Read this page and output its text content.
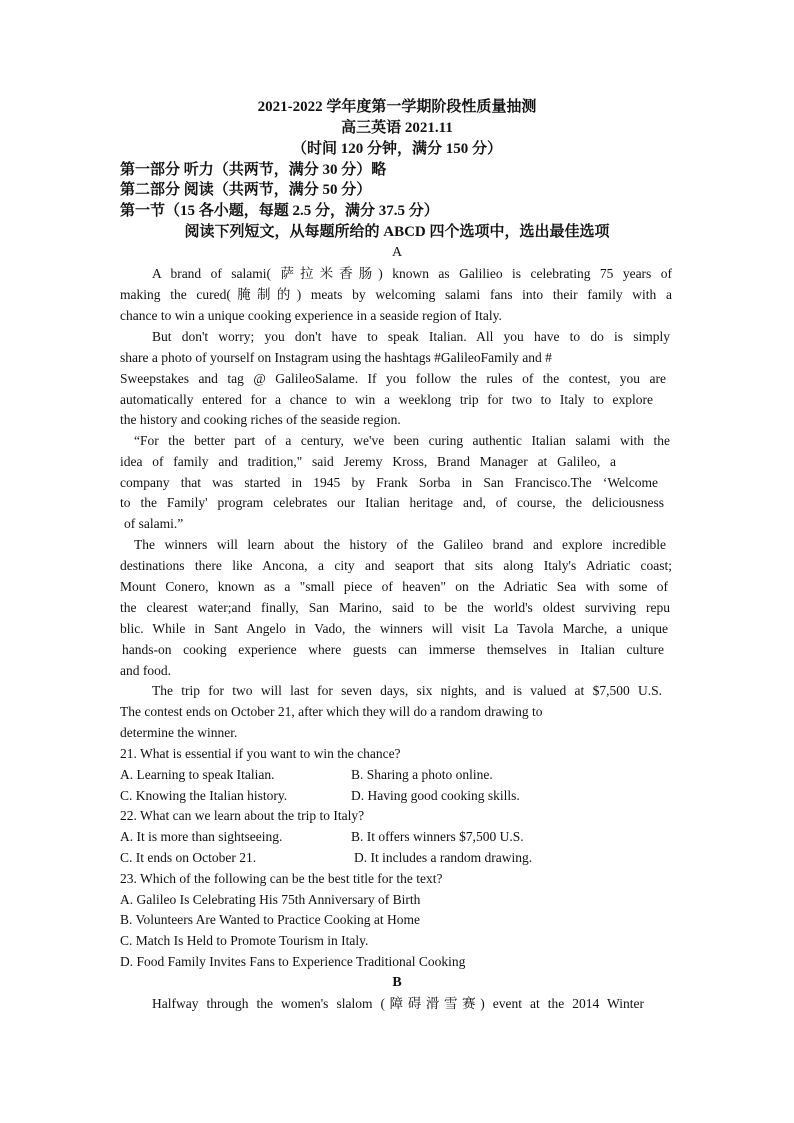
2021-2022 学年度第一学期阶段性质量抽测
高三英语 2021.11
（时间 120 分钟，满分 150 分）
第一部分 听力（共两节，满分 30 分）略
第二部分 阅读（共两节，满分 50 分）
第一节（15 各小题，每题 2.5 分，满分 37.5 分）
阅读下列短文，从每题所给的 ABCD 四个选项中，选出最佳选项
A
A brand of salami( 萨拉米香肠) known as Galilieo is celebrating 75 years of
making the cured(腌制的) meats by welcoming salami fans into their family with a
chance to win a unique cooking experience in a seaside region of Italy.
But don't worry; you don't have to speak Italian. All you have to do is simply
share a photo of yourself on Instagram using the hashtags #GalileoFamily and #
Sweepstakes and tag @ GalileoSalame. If you follow the rules of the contest, you are
automatically entered for a chance to win a weeklong trip for two to Italy to explore
the history and cooking riches of the seaside region.
“For the better part of a century, we've been curing authentic Italian salami with the
idea of family and tradition," said Jeremy Kross, Brand Manager at Galileo, a
company that was started in 1945 by Frank Sorba in San Francisco.The ‘Welcome
to the Family' program celebrates our Italian heritage and, of course, the deliciousness
of salami.”
The winners will learn about the history of the Galileo brand and explore incredible
destinations there like Ancona, a city and seaport that sits along Italy's Adriatic coast;
Mount Conero, known as a "small piece of heaven" on the Adriatic Sea with some of
the clearest water;and finally, San Marino, said to be the world's oldest surviving repu
blic. While in Sant Angelo in Vado, the winners will visit La Tavola Marche, a unique
hands-on cooking experience where guests can immerse themselves in Italian culture
and food.
The trip for two will last for seven days, six nights, and is valued at $7,500 U.S.
The contest ends on October 21, after which they will do a random drawing to
determine the winner.
21. What is essential if you want to win the chance?
A. Learning to speak Italian.	B. Sharing a photo online.
C. Knowing the Italian history.	D. Having good cooking skills.
22. What can we learn about the trip to Italy?
A. It is more than sightseeing.	B. It offers winners $7,500 U.S.
C. It ends on October 21.	D. It includes a random drawing.
23. Which of the following can be the best title for the text?
A. Galileo Is Celebrating His 75th Anniversary of Birth
B. Volunteers Are Wanted to Practice Cooking at Home
C. Match Is Held to Promote Tourism in Italy.
D. Food Family Invites Fans to Experience Traditional Cooking
B
Halfway through the women's slalom (障碍滑雪赛) event at the 2014 Winter
